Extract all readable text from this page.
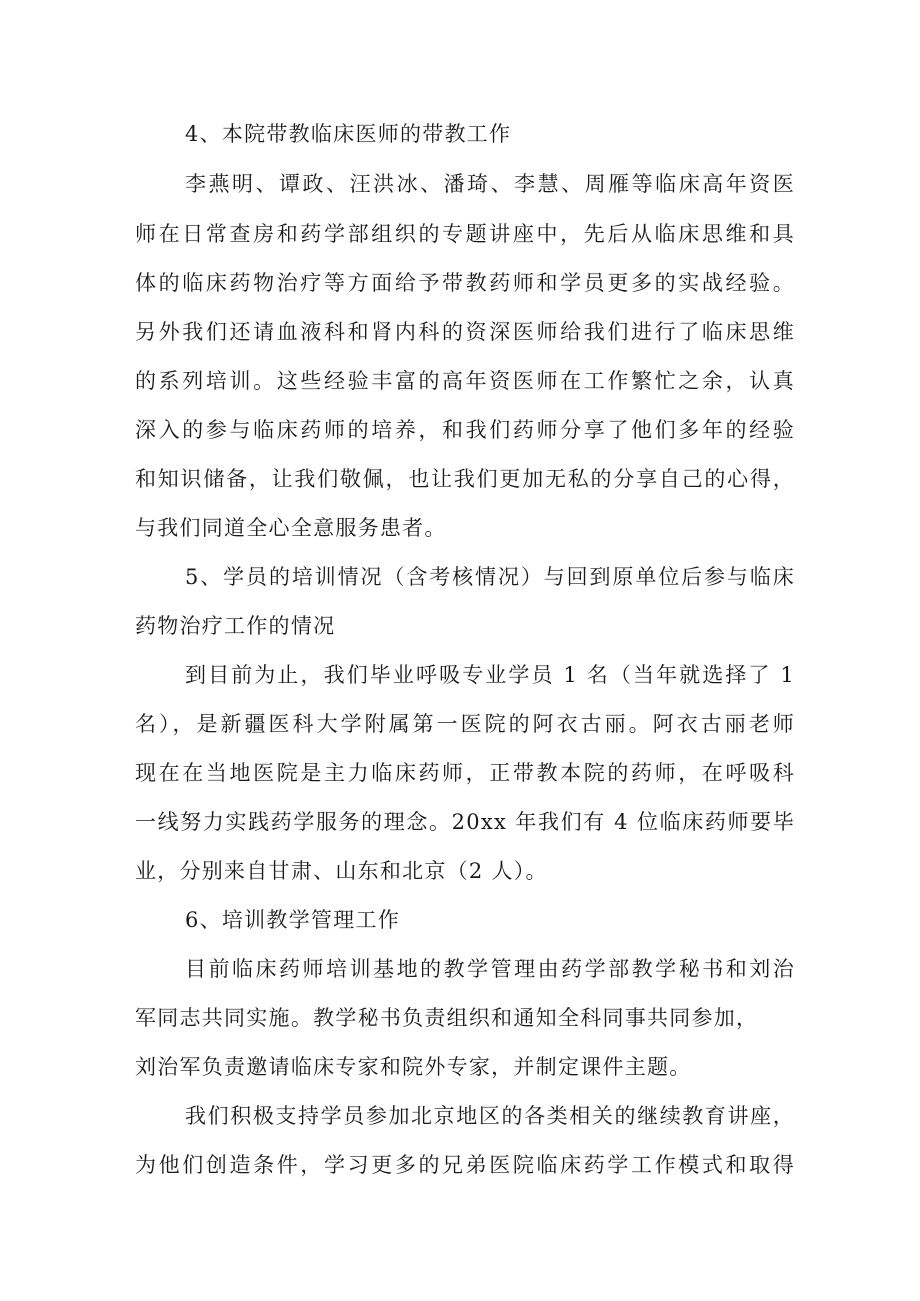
4、本院带教临床医师的带教工作
李燕明、谭政、汪洪冰、潘琦、李慧、周雁等临床高年资医
师在日常查房和药学部组织的专题讲座中，先后从临床思维和具
体的临床药物治疗等方面给予带教药师和学员更多的实战经验。
另外我们还请血液科和肾内科的资深医师给我们进行了临床思维
的系列培训。这些经验丰富的高年资医师在工作繁忙之余，认真
深入的参与临床药师的培养，和我们药师分享了他们多年的经验
和知识储备，让我们敬佩，也让我们更加无私的分享自己的心得，
与我们同道全心全意服务患者。
5、学员的培训情况（含考核情况）与回到原单位后参与临床
药物治疗工作的情况
到目前为止，我们毕业呼吸专业学员 1 名（当年就选择了 1
名），是新疆医科大学附属第一医院的阿衣古丽。阿衣古丽老师
现在在当地医院是主力临床药师，正带教本院的药师，在呼吸科
一线努力实践药学服务的理念。20xx 年我们有 4 位临床药师要毕
业，分别来自甘肃、山东和北京（2 人）。
6、培训教学管理工作
目前临床药师培训基地的教学管理由药学部教学秘书和刘治
军同志共同实施。教学秘书负责组织和通知全科同事共同参加，
刘治军负责邀请临床专家和院外专家，并制定课件主题。
我们积极支持学员参加北京地区的各类相关的继续教育讲座，
为他们创造条件，学习更多的兄弟医院临床药学工作模式和取得
